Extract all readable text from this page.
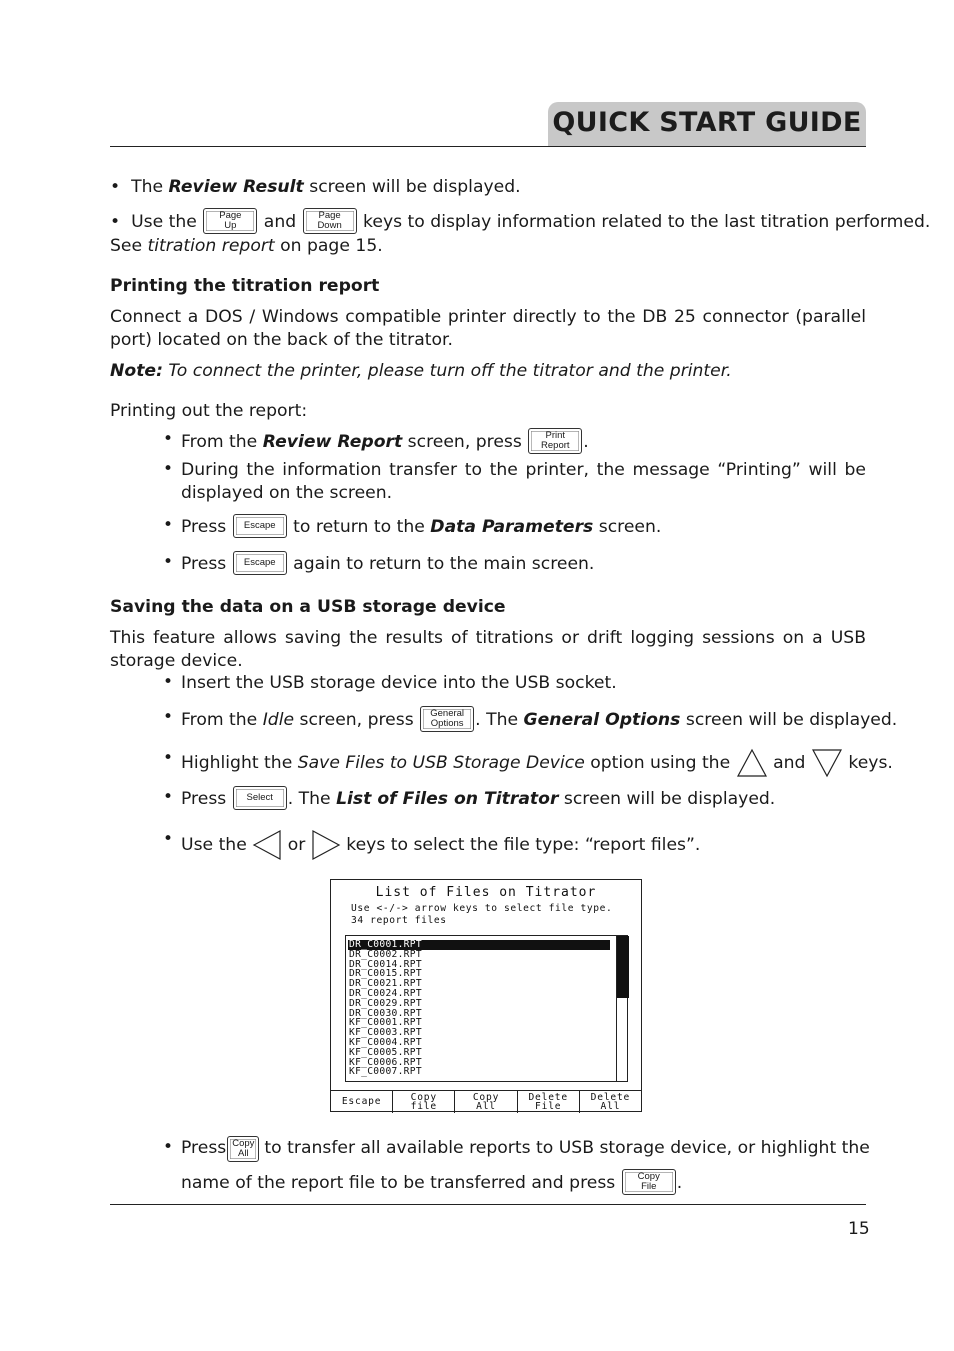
QUICK START GUIDE
•  The Review Result screen will be displayed.
•  Use the	Page
Up	and	Page
Down keys to display information related to the last titration performed.
See titration report on page 15.
Printing the titration report
Connect a DOS / Windows compatible printer directly to the DB 25 connector (parallel port) located on the back of the titrator.
Note: To connect the printer, please turn off the titrator and the printer.
Printing out the report:
• From the Review Report screen, press	Print
Report .
• During the information transfer to the printer, the message “Printing” will be displayed on the screen.
• Press	Escape to return to the Data Parameters screen.
• Press	Escape again to return to the main screen.
Saving the data on a USB storage device
This feature allows saving the results of titrations or drift logging sessions on a USB storage device.
• Insert the USB storage device into the USB socket.
• From the Idle screen, press	General
Options . The General Options screen will be displayed.
• Highlight the Save Files to USB Storage Device option using the  and  keys.
• Press	Select . The List of Files on Titrator screen will be displayed.
• Use the  or  keys to select the file type: “report files”.
List of Files on Titrator
Use <-/-> arrow keys to select file type.
34 report files
DR_C0001.RPT
DR_C0002.RPT
DR_C0014.RPT
DR_C0015.RPT
DR_C0021.RPT
DR_C0024.RPT
DR_C0029.RPT
DR_C0030.RPT
KF_C0001.RPT
KF_C0003.RPT
KF_C0004.RPT
KF_C0005.RPT
KF_C0006.RPT
KF_C0007.RPT
Escape	Copy
file
Copy
All
Delete
File
Delete
All
• Press Copy
All to transfer all available reports to USB storage device, or highlight the
name of the report file to be transferred and press	Copy
File	.
15
